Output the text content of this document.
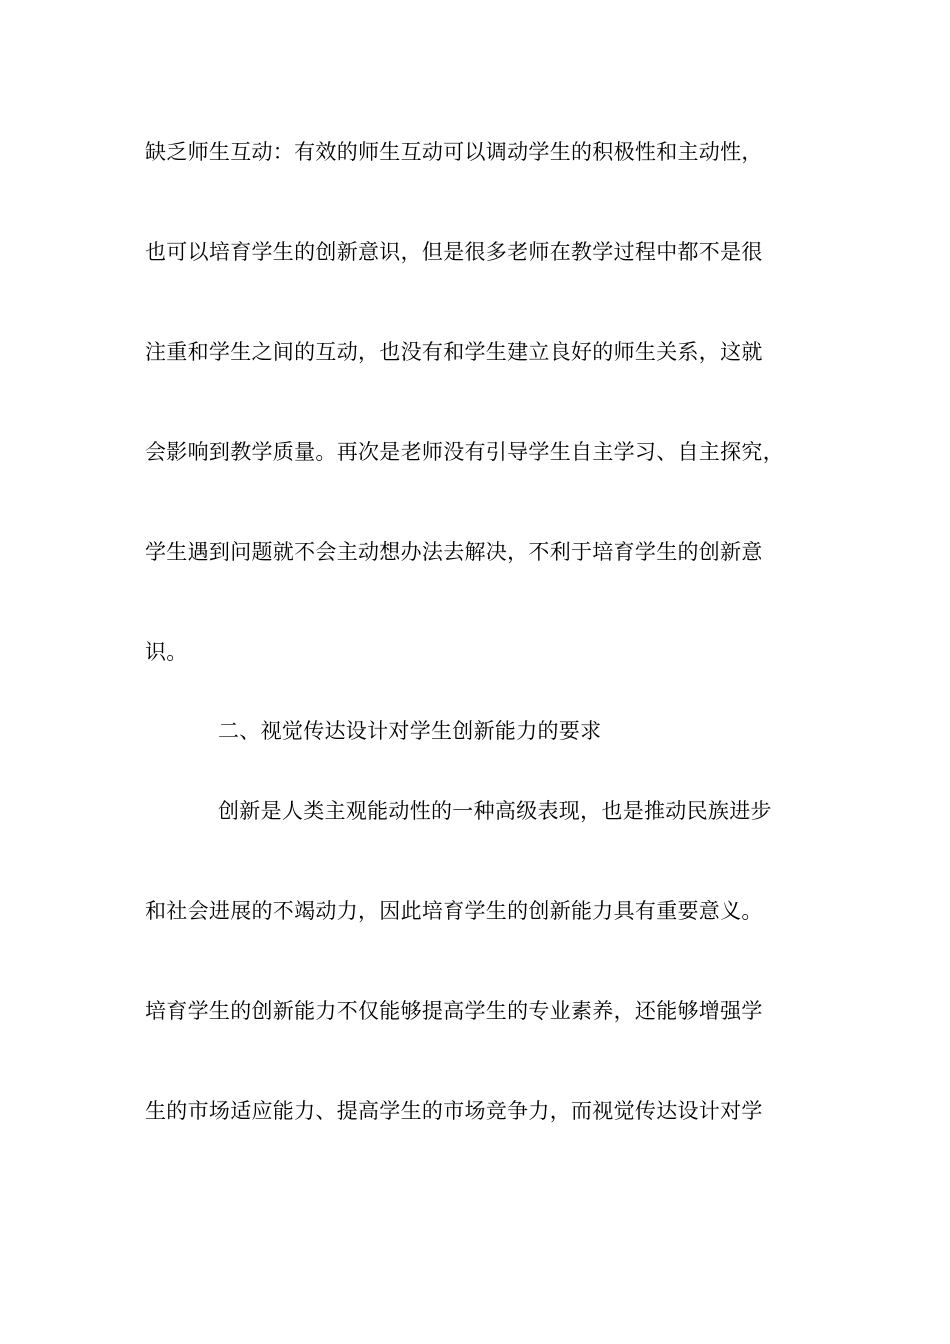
缺乏师生互动：有效的师生互动可以调动学生的积极性和主动性，
也可以培育学生的创新意识，但是很多老师在教学过程中都不是很
注重和学生之间的互动，也没有和学生建立良好的师生关系，这就
会影响到教学质量。再次是老师没有引导学生自主学习、自主探究，
学生遇到问题就不会主动想办法去解决，不利于培育学生的创新意
识。
二、视觉传达设计对学生创新能力的要求
创新是人类主观能动性的一种高级表现，也是推动民族进步
和社会进展的不竭动力，因此培育学生的创新能力具有重要意义。
培育学生的创新能力不仅能够提高学生的专业素养，还能够增强学
生的市场适应能力、提高学生的市场竞争力，而视觉传达设计对学
